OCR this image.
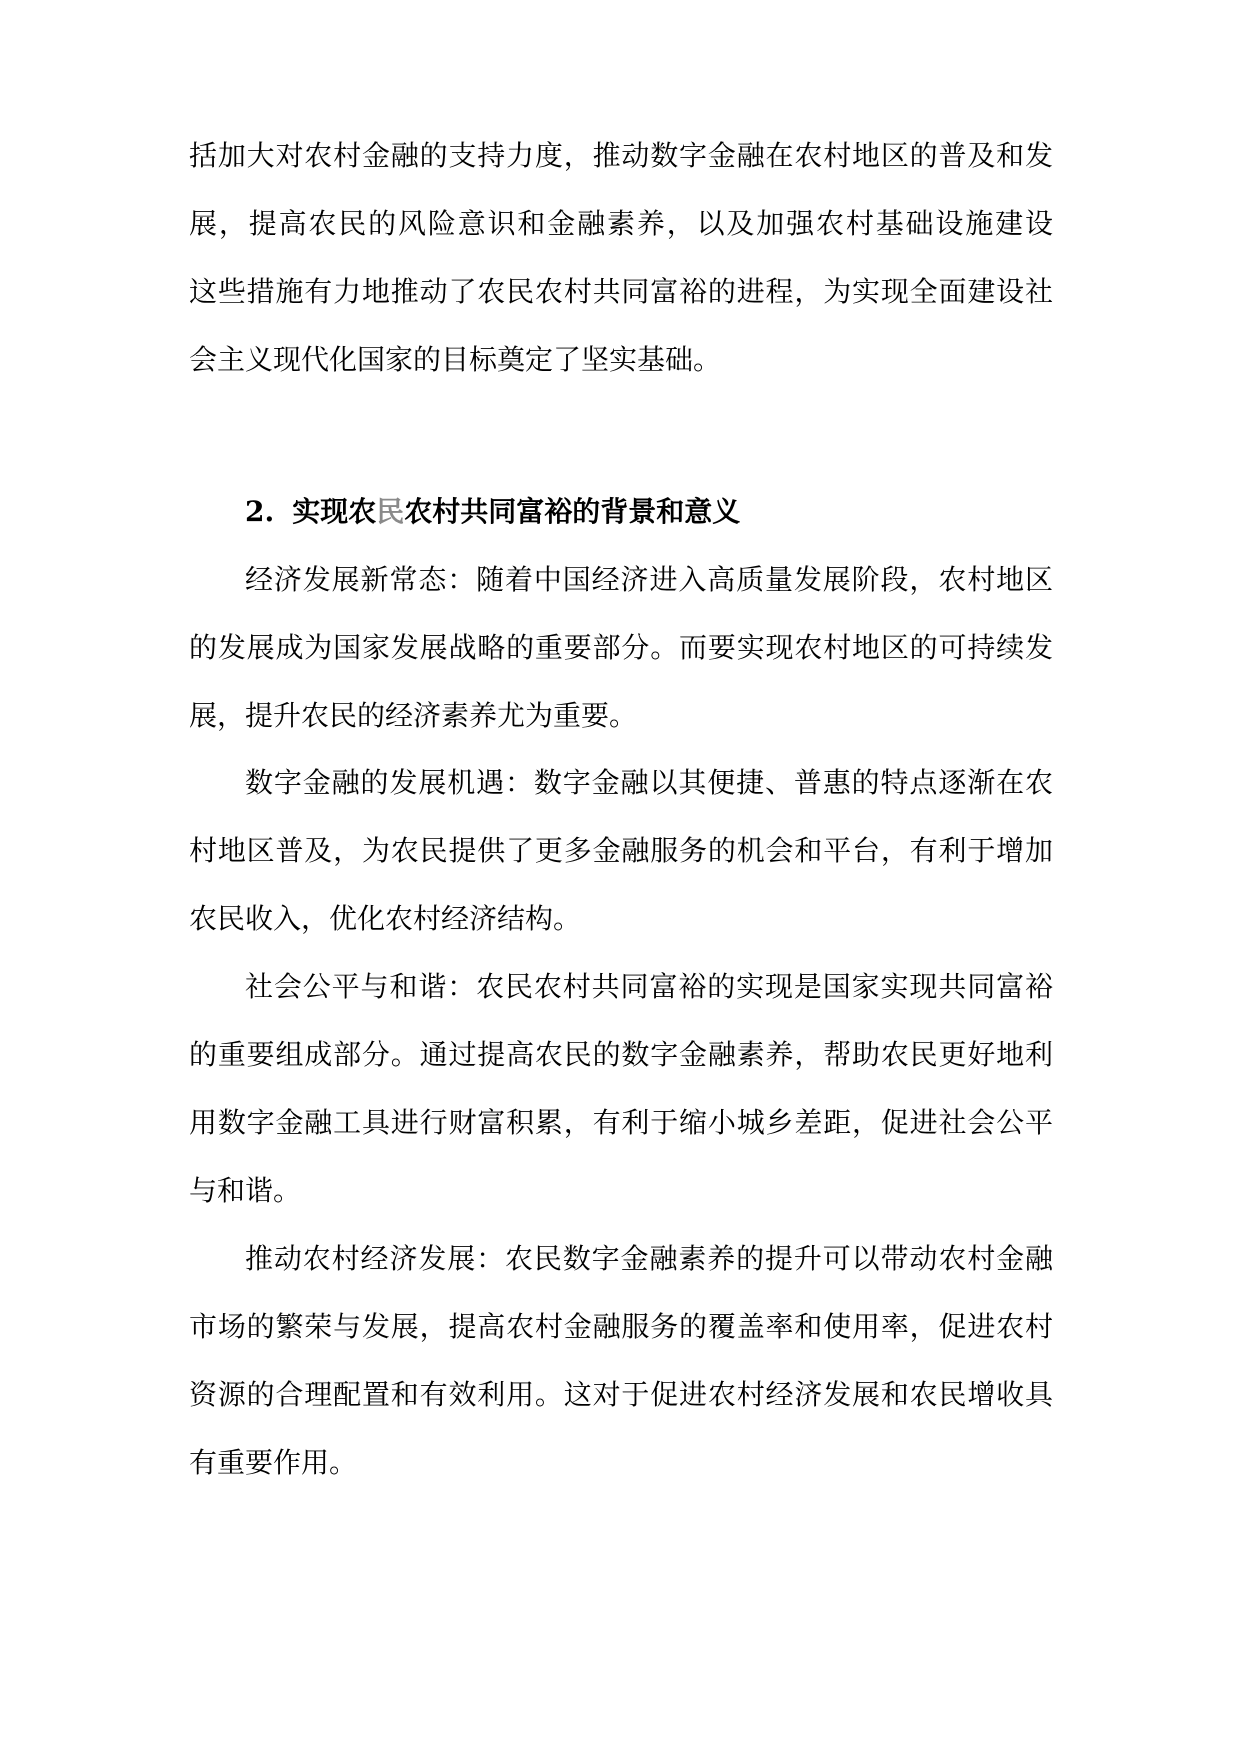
括加大对农村金融的支持力度，推动数字金融在农村地区的普及和发
展，提高农民的风险意识和金融素养，以及加强农村基础设施建设
这些措施有力地推动了农民农村共同富裕的进程，为实现全面建设社
会主义现代化国家的目标奠定了坚实基础。
2. 实现农民农村共同富裕的背景和意义
经济发展新常态：随着中国经济进入高质量发展阶段，农村地区
的发展成为国家发展战略的重要部分。而要实现农村地区的可持续发
展，提升农民的经济素养尤为重要。
数字金融的发展机遇：数字金融以其便捷、普惠的特点逐渐在农
村地区普及，为农民提供了更多金融服务的机会和平台，有利于增加
农民收入，优化农村经济结构。
社会公平与和谐：农民农村共同富裕的实现是国家实现共同富裕
的重要组成部分。通过提高农民的数字金融素养，帮助农民更好地利
用数字金融工具进行财富积累，有利于缩小城乡差距，促进社会公平
与和谐。
推动农村经济发展：农民数字金融素养的提升可以带动农村金融
市场的繁荣与发展，提高农村金融服务的覆盖率和使用率，促进农村
资源的合理配置和有效利用。这对于促进农村经济发展和农民增收具
有重要作用。
